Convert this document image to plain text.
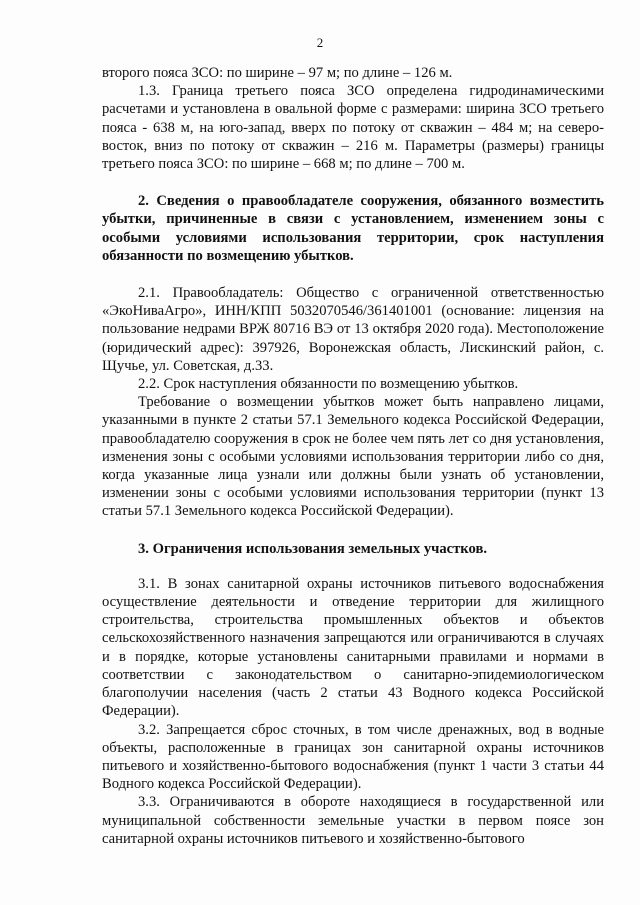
2

второго пояса ЗСО: по ширине – 97 м; по длине – 126 м.

1.3. Граница третьего пояса ЗСО определена гидродинамическими расчетами и установлена в овальной форме с размерами: ширина ЗСО третьего пояса - 638 м, на юго-запад, вверх по потоку от скважин – 484 м; на северо-восток, вниз по потоку от скважин – 216 м. Параметры (размеры) границы третьего пояса ЗСО: по ширине – 668 м; по длине – 700 м.

2. Сведения о правообладателе сооружения, обязанного возместить убытки, причиненные в связи с установлением, изменением зоны с особыми условиями использования территории, срок наступления обязанности по возмещению убытков.

2.1. Правообладатель: Общество с ограниченной ответственностью «ЭкоНиваАгро», ИНН/КПП 5032070546/361401001 (основание: лицензия на пользование недрами ВРЖ 80716 ВЭ от 13 октября 2020 года). Местоположение (юридический адрес): 397926, Воронежская область, Лискинский район, с. Щучье, ул. Советская, д.33.

2.2. Срок наступления обязанности по возмещению убытков.

Требование о возмещении убытков может быть направлено лицами, указанными в пункте 2 статьи 57.1 Земельного кодекса Российской Федерации, правообладателю сооружения в срок не более чем пять лет со дня установления, изменения зоны с особыми условиями использования территории либо со дня, когда указанные лица узнали или должны были узнать об установлении, изменении зоны с особыми условиями использования территории (пункт 13 статьи 57.1 Земельного кодекса Российской Федерации).

3. Ограничения использования земельных участков.

3.1. В зонах санитарной охраны источников питьевого водоснабжения осуществление деятельности и отведение территории для жилищного строительства, строительства промышленных объектов и объектов сельскохозяйственного назначения запрещаются или ограничиваются в случаях и в порядке, которые установлены санитарными правилами и нормами в соответствии с законодательством о санитарно-эпидемиологическом благополучии населения (часть 2 статьи 43 Водного кодекса Российской Федерации).

3.2. Запрещается сброс сточных, в том числе дренажных, вод в водные объекты, расположенные в границах зон санитарной охраны источников питьевого и хозяйственно-бытового водоснабжения (пункт 1 части 3 статьи 44 Водного кодекса Российской Федерации).

3.3. Ограничиваются в обороте находящиеся в государственной или муниципальной собственности земельные участки в первом поясе зон санитарной охраны источников питьевого и хозяйственно-бытового
